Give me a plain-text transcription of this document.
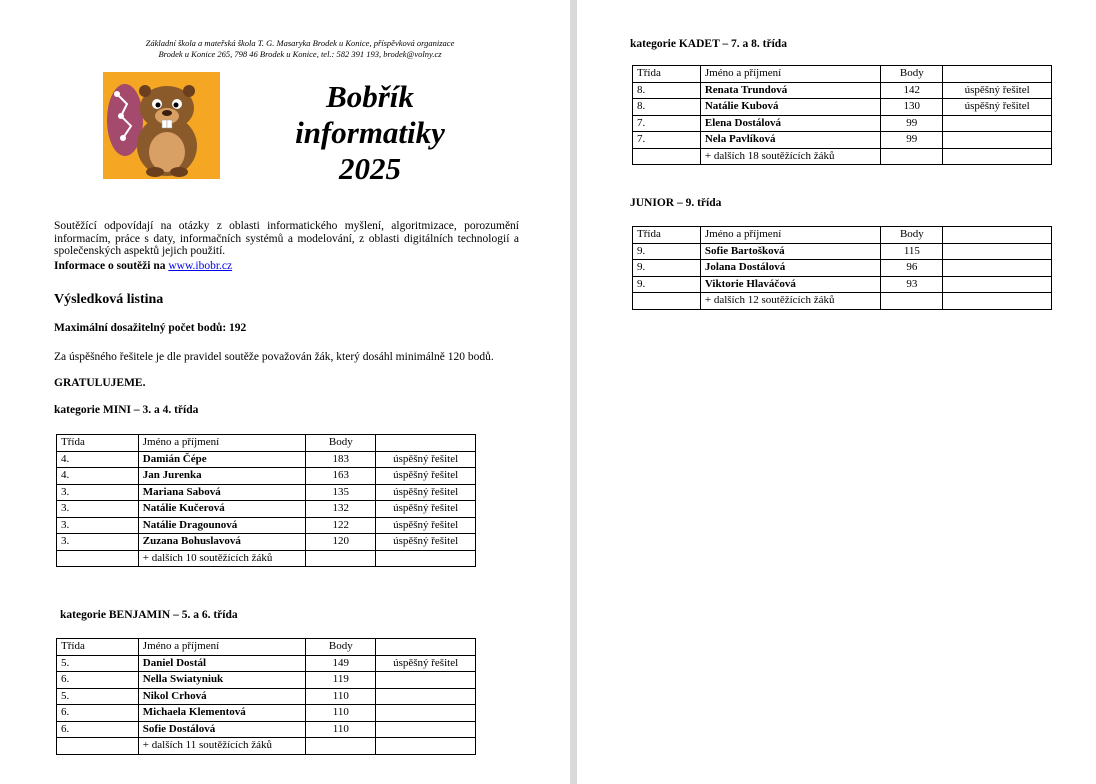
Základní škola a mateřská škola T. G. Masaryka Brodek u Konice, příspěvková organizace
Brodek u Konice 265, 798 46 Brodek u Konice, tel.: 582 391 193, brodek@volny.cz
Bobřík
informatiky
2025
Soutěžící odpovídají na otázky z oblasti informatického myšlení, algoritmizace, porozumění informacím, práce s daty, informačních systémů a modelování, z oblasti digitálních technologií a společenských aspektů jejich použití.
Informace o soutěži na www.ibobr.cz
Výsledková listina
Maximální dosažitelný počet bodů: 192
Za úspěšného řešitele je dle pravidel soutěže považován žák, který dosáhl minimálně 120 bodů.
GRATULUJEME.
kategorie MINI – 3. a 4. třída
Třída	Jméno a příjmení	Body	
4.	Damián Čépe	183	úspěšný řešitel
4.	Jan Jurenka	163	úspěšný řešitel
3.	Mariana Sabová	135	úspěšný řešitel
3.	Natálie Kučerová	132	úspěšný řešitel
3.	Natálie Dragounová	122	úspěšný řešitel
3.	Zuzana Bohuslavová	120	úspěšný řešitel
	+ dalších 10 soutěžících žáků		
kategorie BENJAMIN – 5. a 6. třída
Třída	Jméno a příjmení	Body	
5.	Daniel Dostál	149	úspěšný řešitel
6.	Nella Swiatyniuk	119	
5.	Nikol Crhová	110	
6.	Michaela Klementová	110	
6.	Sofie Dostálová	110	
	+ dalších 11 soutěžících žáků		
kategorie KADET – 7. a 8. třída
Třída	Jméno a příjmení	Body	
8.	Renata Trundová	142	úspěšný řešitel
8.	Natálie Kubová	130	úspěšný řešitel
7.	Elena Dostálová	99	
7.	Nela Pavlíková	99	
	+ dalších 18 soutěžících žáků		
JUNIOR – 9. třída
Třída	Jméno a příjmení	Body	
9.	Sofie Bartošková	115	
9.	Jolana Dostálová	96	
9.	Viktorie Hlaváčová	93	
	+ dalších 12 soutěžících žáků		
